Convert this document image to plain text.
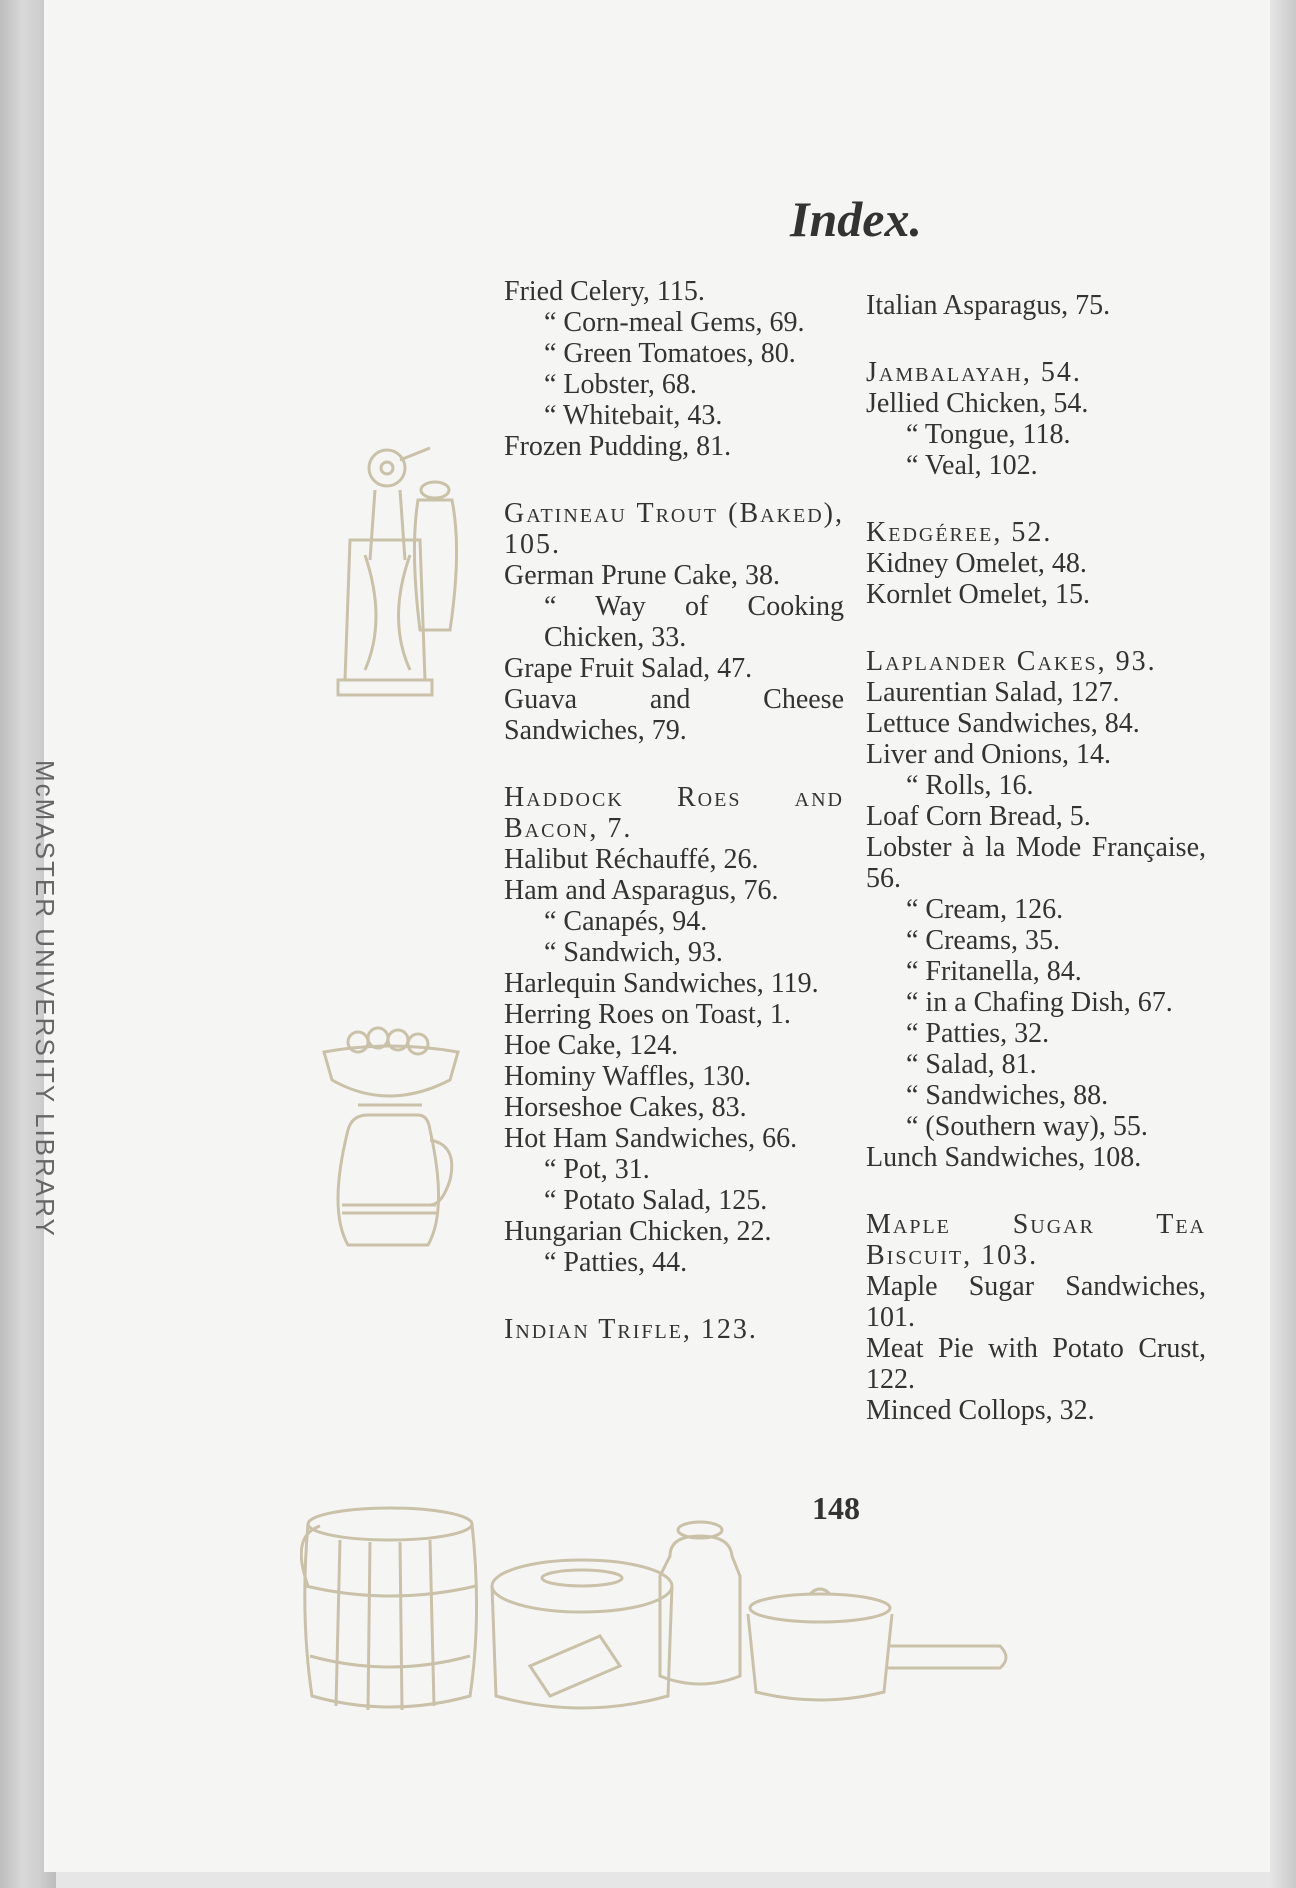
McMASTER UNIVERSITY LIBRARY
Index.

Fried Celery, 115.

“ Corn-meal Gems, 69.

“ Green Tomatoes, 80.

“ Lobster, 68.

“ Whitebait, 43.

Frozen Pudding, 81.

Gatineau Trout (Baked), 105.

German Prune Cake, 38.

“ Way of Cooking Chicken, 33.

Grape Fruit Salad, 47.

Guava and Cheese Sandwiches, 79.

Haddock Roes and Bacon, 7.

Halibut Réchauffé, 26.

Ham and Asparagus, 76.

“ Canapés, 94.

“ Sandwich, 93.

Harlequin Sandwiches, 119.

Herring Roes on Toast, 1.

Hoe Cake, 124.

Hominy Waffles, 130.

Horseshoe Cakes, 83.

Hot Ham Sandwiches, 66.

“ Pot, 31.

“ Potato Salad, 125.

Hungarian Chicken, 22.

“ Patties, 44.

Indian Trifle, 123.

Italian Asparagus, 75.

Jambalayah, 54.

Jellied Chicken, 54.

“ Tongue, 118.

“ Veal, 102.

Kedgéree, 52.

Kidney Omelet, 48.

Kornlet Omelet, 15.

Laplander Cakes, 93.

Laurentian Salad, 127.

Lettuce Sandwiches, 84.

Liver and Onions, 14.

“ Rolls, 16.

Loaf Corn Bread, 5.

Lobster à la Mode Française, 56.

“ Cream, 126.

“ Creams, 35.

“ Fritanella, 84.

“ in a Chafing Dish, 67.

“ Patties, 32.

“ Salad, 81.

“ Sandwiches, 88.

“ (Southern way), 55.

Lunch Sandwiches, 108.

Maple Sugar Tea Biscuit, 103.

Maple Sugar Sandwiches, 101.

Meat Pie with Potato Crust, 122.

Minced Collops, 32.

148
